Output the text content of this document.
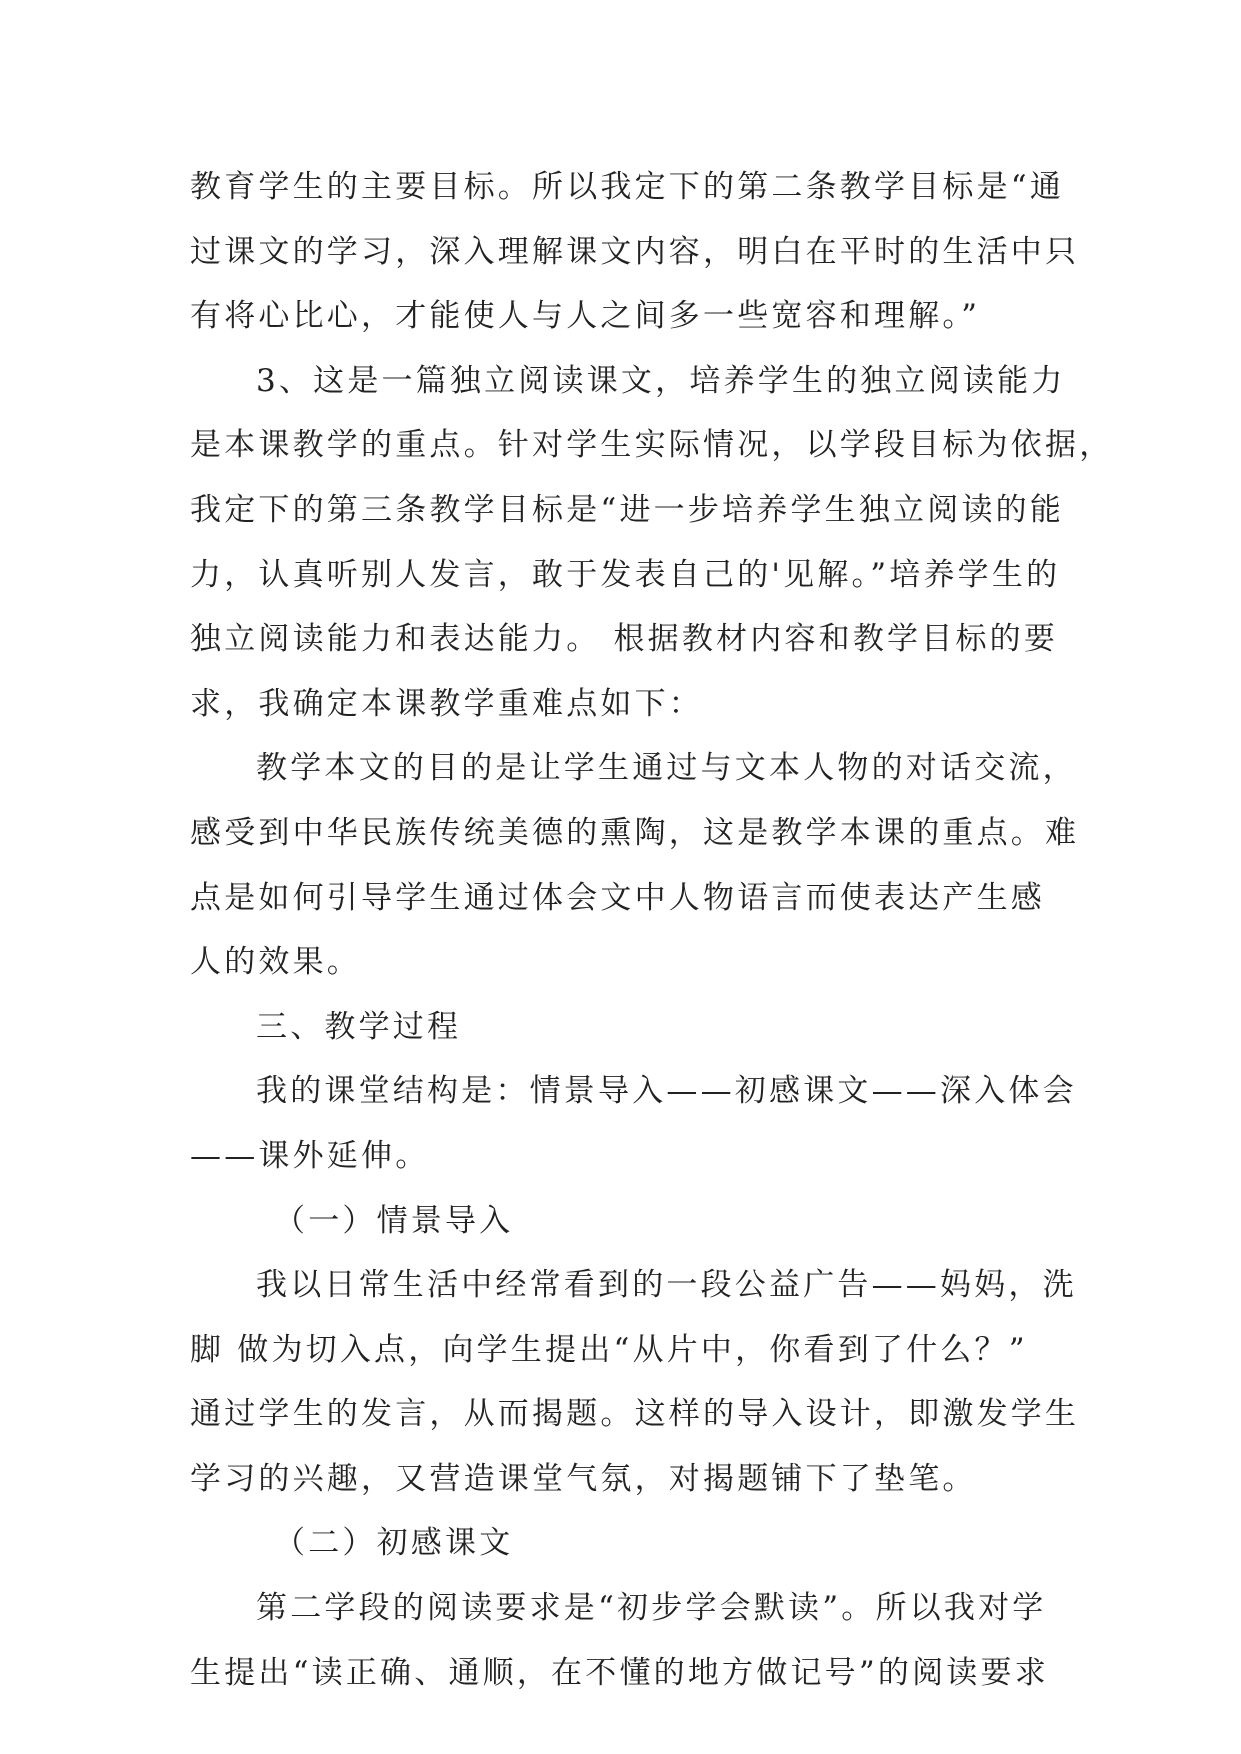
教育学生的主要目标。所以我定下的第二条教学目标是“通
过课文的学习，深入理解课文内容，明白在平时的生活中只
有将心比心，才能使人与人之间多一些宽容和理解。”
3、这是一篇独立阅读课文，培养学生的独立阅读能力
是本课教学的重点。针对学生实际情况，以学段目标为依据，
我定下的第三条教学目标是“进一步培养学生独立阅读的能
力，认真听别人发言，敢于发表自己的'见解。”培养学生的
独立阅读能力和表达能力。 根据教材内容和教学目标的要
求，我确定本课教学重难点如下：
教学本文的目的是让学生通过与文本人物的对话交流，
感受到中华民族传统美德的熏陶，这是教学本课的重点。难
点是如何引导学生通过体会文中人物语言而使表达产生感
人的效果。
三、教学过程
我的课堂结构是：情景导入——初感课文——深入体会
——课外延伸。
（一）情景导入
我以日常生活中经常看到的一段公益广告——妈妈，洗
脚 做为切入点，向学生提出“从片中，你看到了什么？”
通过学生的发言，从而揭题。这样的导入设计，即激发学生
学习的兴趣，又营造课堂气氛，对揭题铺下了垫笔。
（二）初感课文
第二学段的阅读要求是“初步学会默读”。所以我对学
生提出“读正确、通顺，在不懂的地方做记号”的阅读要求
